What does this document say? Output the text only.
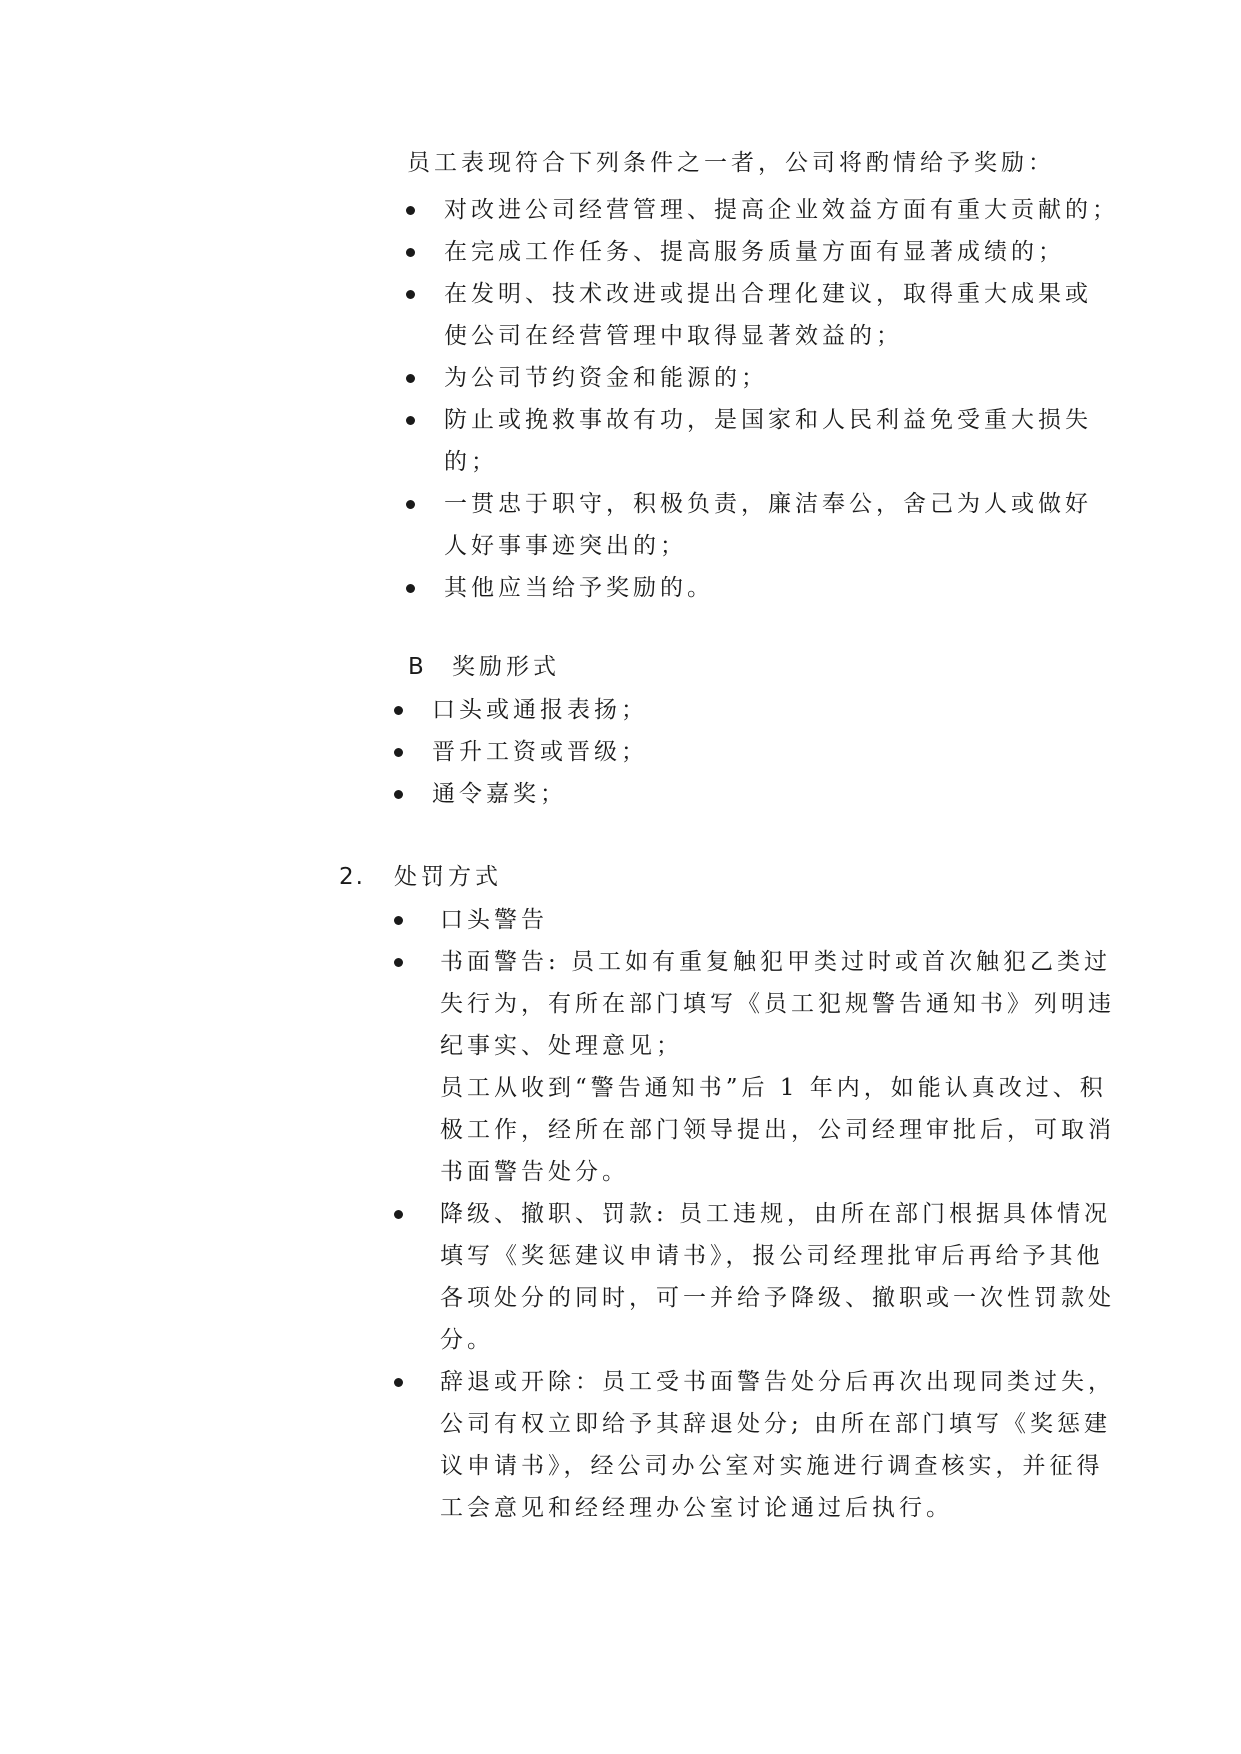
员工表现符合下列条件之一者，公司将酌情给予奖励：
对改进公司经营管理、提高企业效益方面有重大贡献的；
在完成工作任务、提高服务质量方面有显著成绩的；
在发明、技术改进或提出合理化建议，取得重大成果或
使公司在经营管理中取得显著效益的；
为公司节约资金和能源的；
防止或挽救事故有功，是国家和人民利益免受重大损失
的；
一贯忠于职守，积极负责，廉洁奉公，舍己为人或做好
人好事事迹突出的；
其他应当给予奖励的。
B 奖励形式
口头或通报表扬；
晋升工资或晋级；
通令嘉奖；
2. 处罚方式
口头警告
书面警告: 员工如有重复触犯甲类过时或首次触犯乙类过
失行为，有所在部门填写《员工犯规警告通知书》列明违
纪事实、处理意见；
员工从收到“警告通知书”后 1 年内，如能认真改过、积
极工作，经所在部门领导提出，公司经理审批后，可取消
书面警告处分。
降级、撤职、罚款: 员工违规，由所在部门根据具体情况
填写《奖惩建议申请书》，报公司经理批审后再给予其他
各项处分的同时，可一并给予降级、撤职或一次性罚款处
分。
辞退或开除：员工受书面警告处分后再次出现同类过失，
公司有权立即给予其辞退处分; 由所在部门填写《奖惩建
议申请书》，经公司办公室对实施进行调查核实，并征得
工会意见和经经理办公室讨论通过后执行。
